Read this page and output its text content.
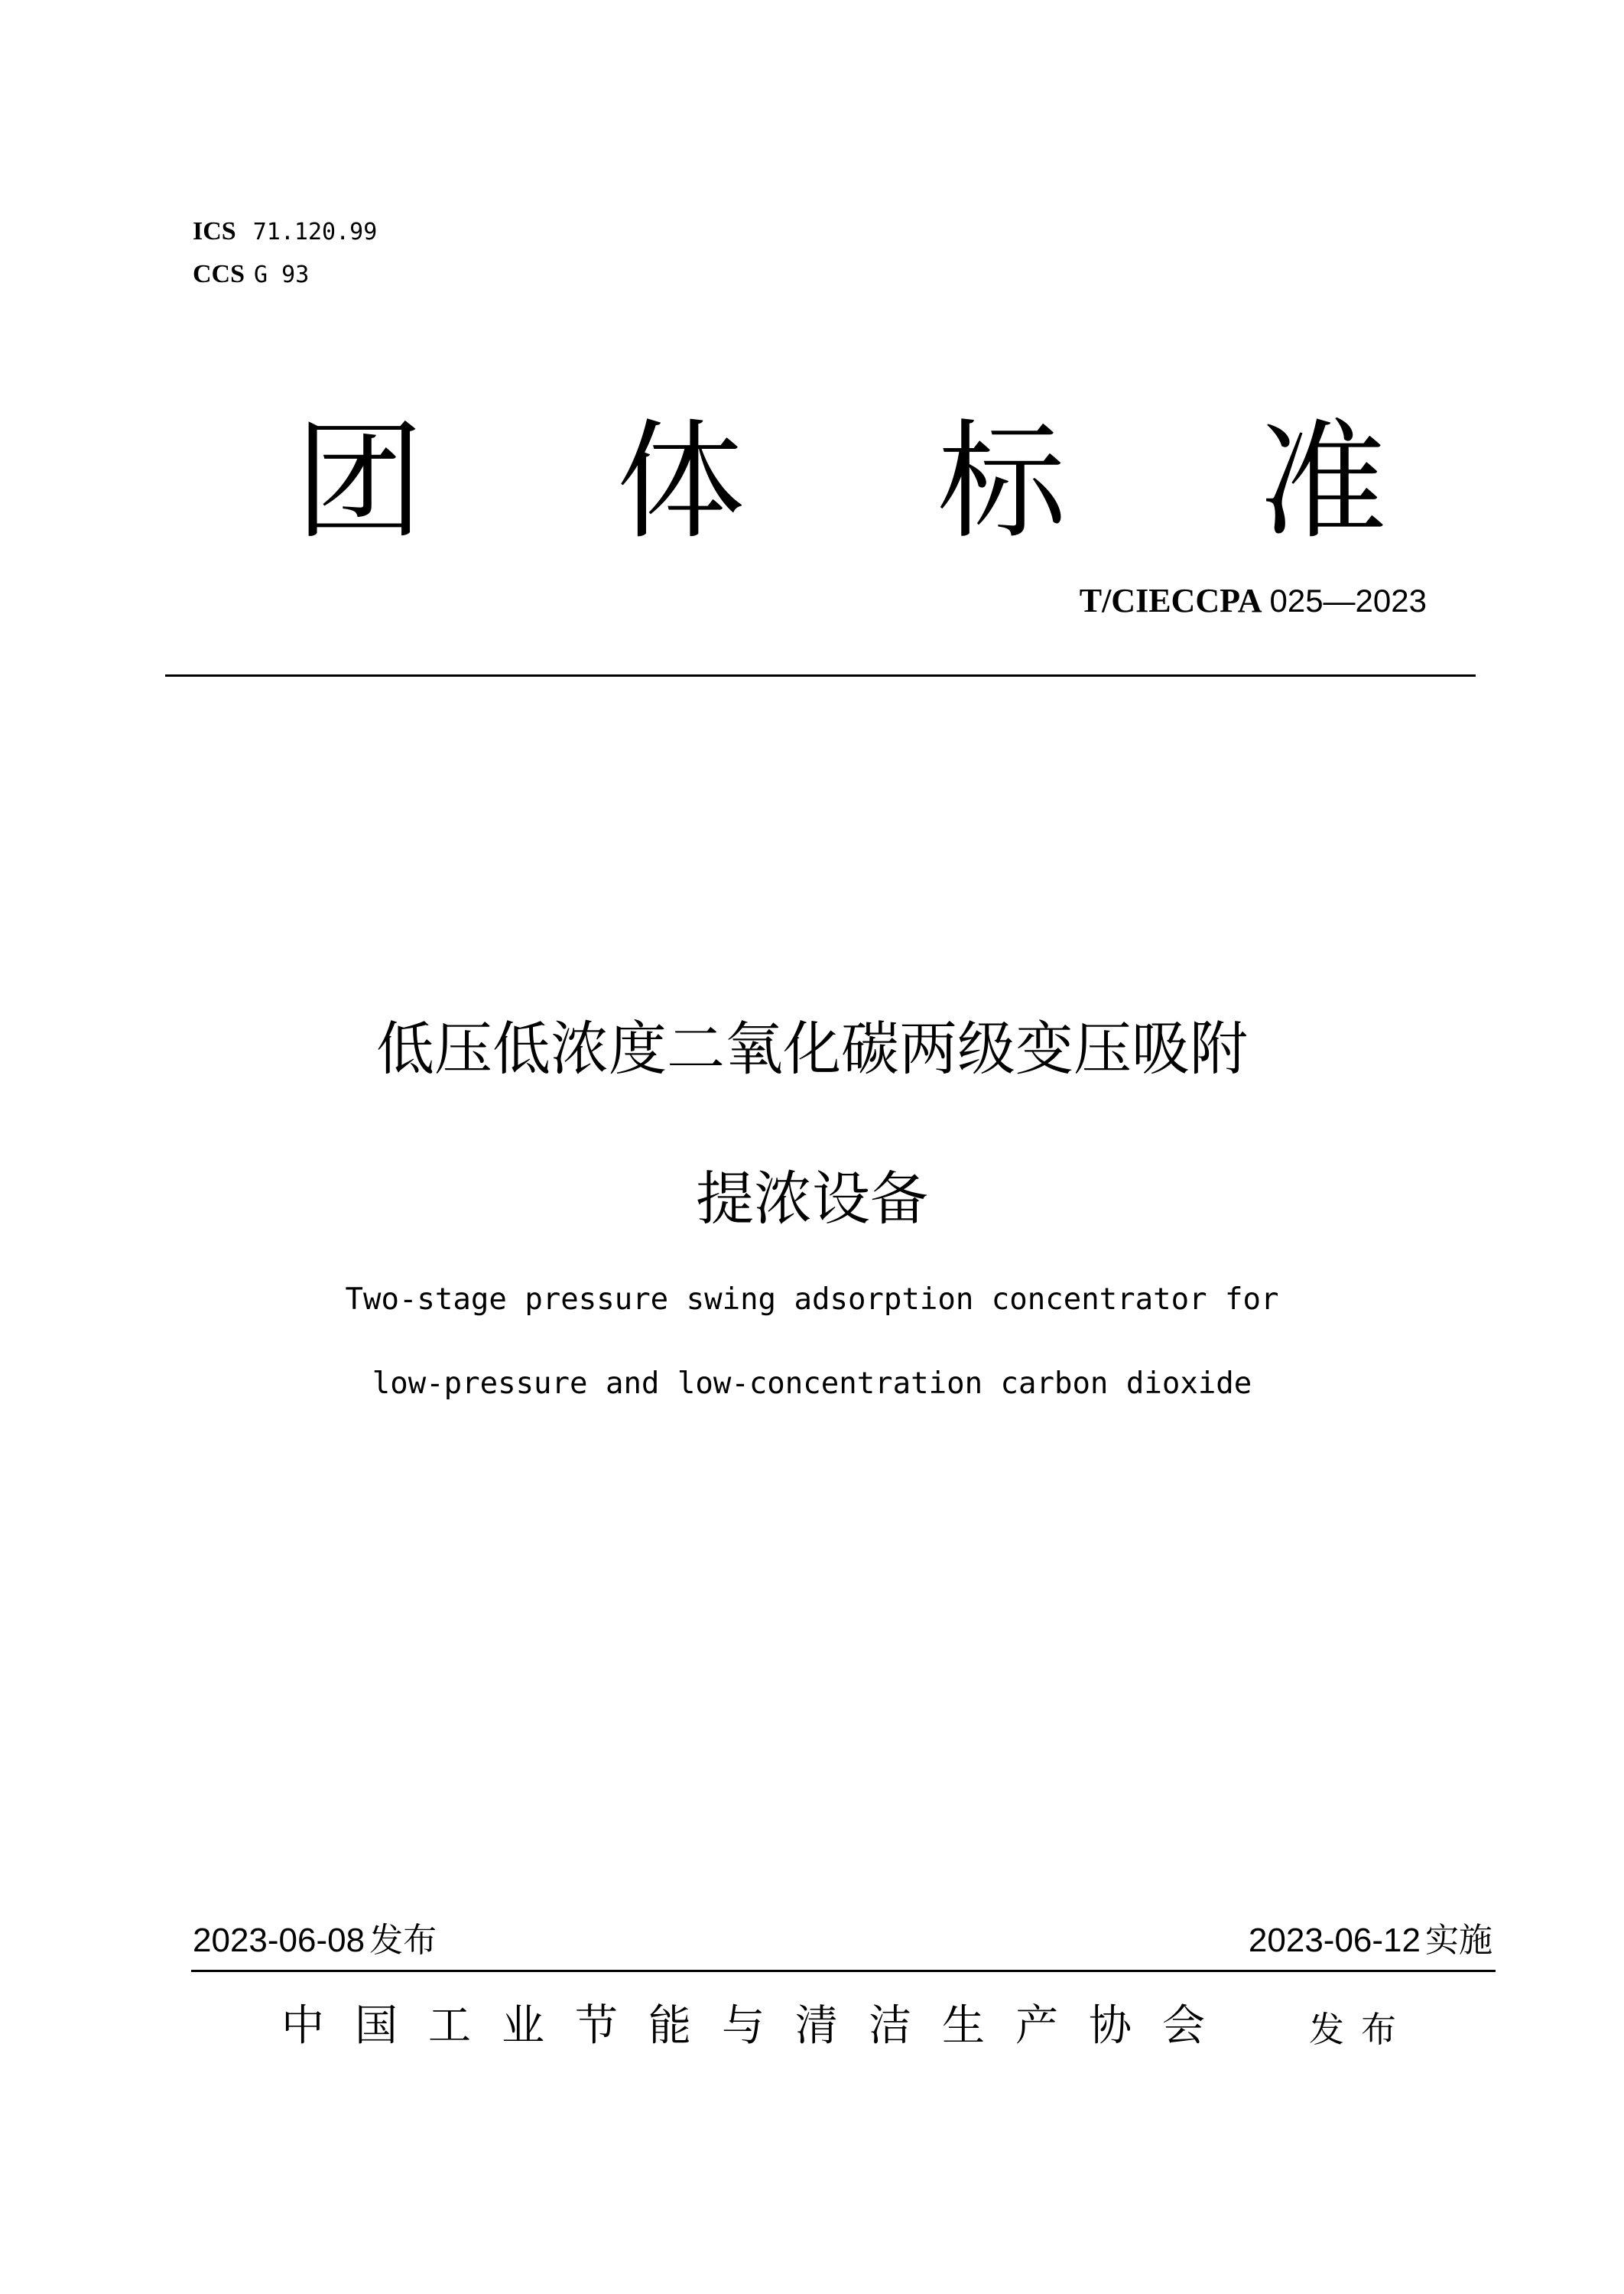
ICS 71.120.99
CCS G 93
团 体 标 准
T/CIECCPA 025—2023
低压低浓度二氧化碳两级变压吸附
提浓设备
Two-stage pressure swing adsorption concentrator for
low-pressure and low-concentration carbon dioxide
2023-06-08 发布	2023-06-12 实施
中国工业节能与清洁生产协会 发布
